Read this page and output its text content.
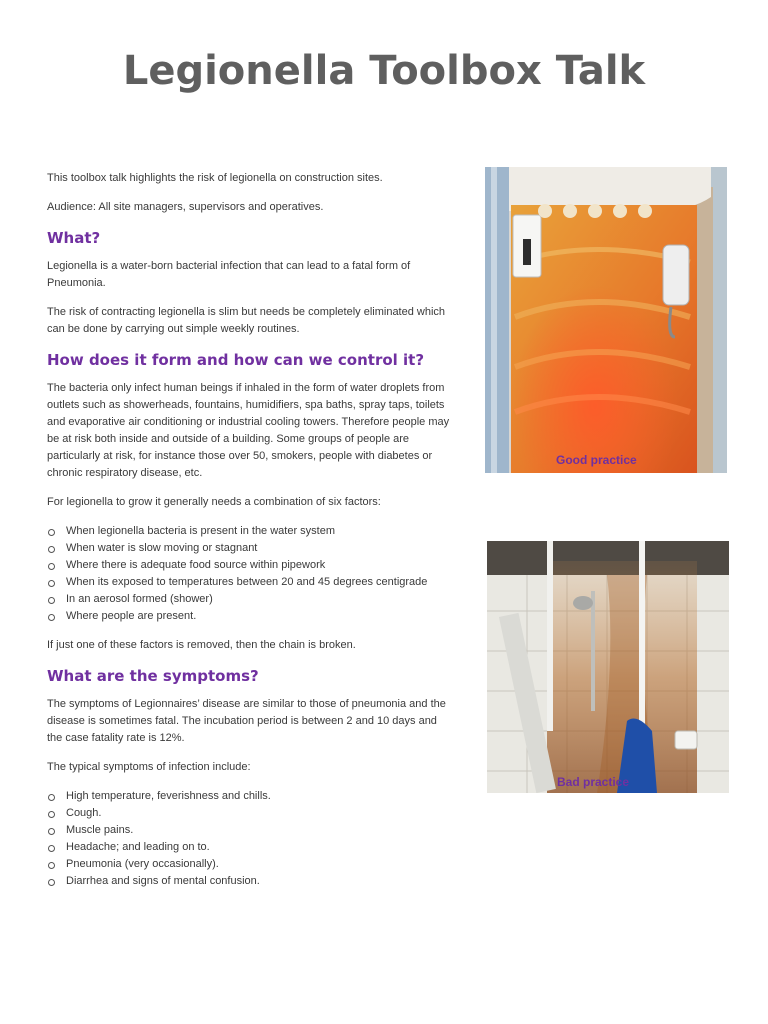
Legionella Toolbox Talk

This toolbox talk highlights the risk of legionella on construction sites.

Audience: All site managers, supervisors and operatives.

What?

Legionella is a water-born bacterial infection that can lead to a fatal form of Pneumonia.

The risk of contracting legionella is slim but needs be completely eliminated which can be done by carrying out simple weekly routines.

How does it form and how can we control it?

The bacteria only infect human beings if inhaled in the form of water droplets from outlets such as showerheads, fountains, humidifiers, spa baths, spray taps, toilets and evaporative air conditioning or industrial cooling towers. Therefore people may be at risk both inside and outside of a building. Some groups of people are particularly at risk, for instance those over 50, smokers, people with diabetes or chronic respiratory disease, etc.

For legionella to grow it generally needs a combination of six factors:

When legionella bacteria is present in the water system
When water is slow moving or stagnant
Where there is adequate food source within pipework
When its exposed to temperatures between 20 and 45 degrees centigrade
In an aerosol formed (shower)
Where people are present.

If just one of these factors is removed, then the chain is broken.

What are the symptoms?

The symptoms of Legionnaires’ disease are similar to those of pneumonia and the disease is sometimes fatal. The incubation period is between 2 and 10 days and the case fatality rate is 12%.

The typical symptoms of infection include:

High temperature, feverishness and chills.
Cough.
Muscle pains.
Headache; and leading on to.
Pneumonia (very occasionally).
Diarrhea and signs of mental confusion.
Good practice
Bad practice
